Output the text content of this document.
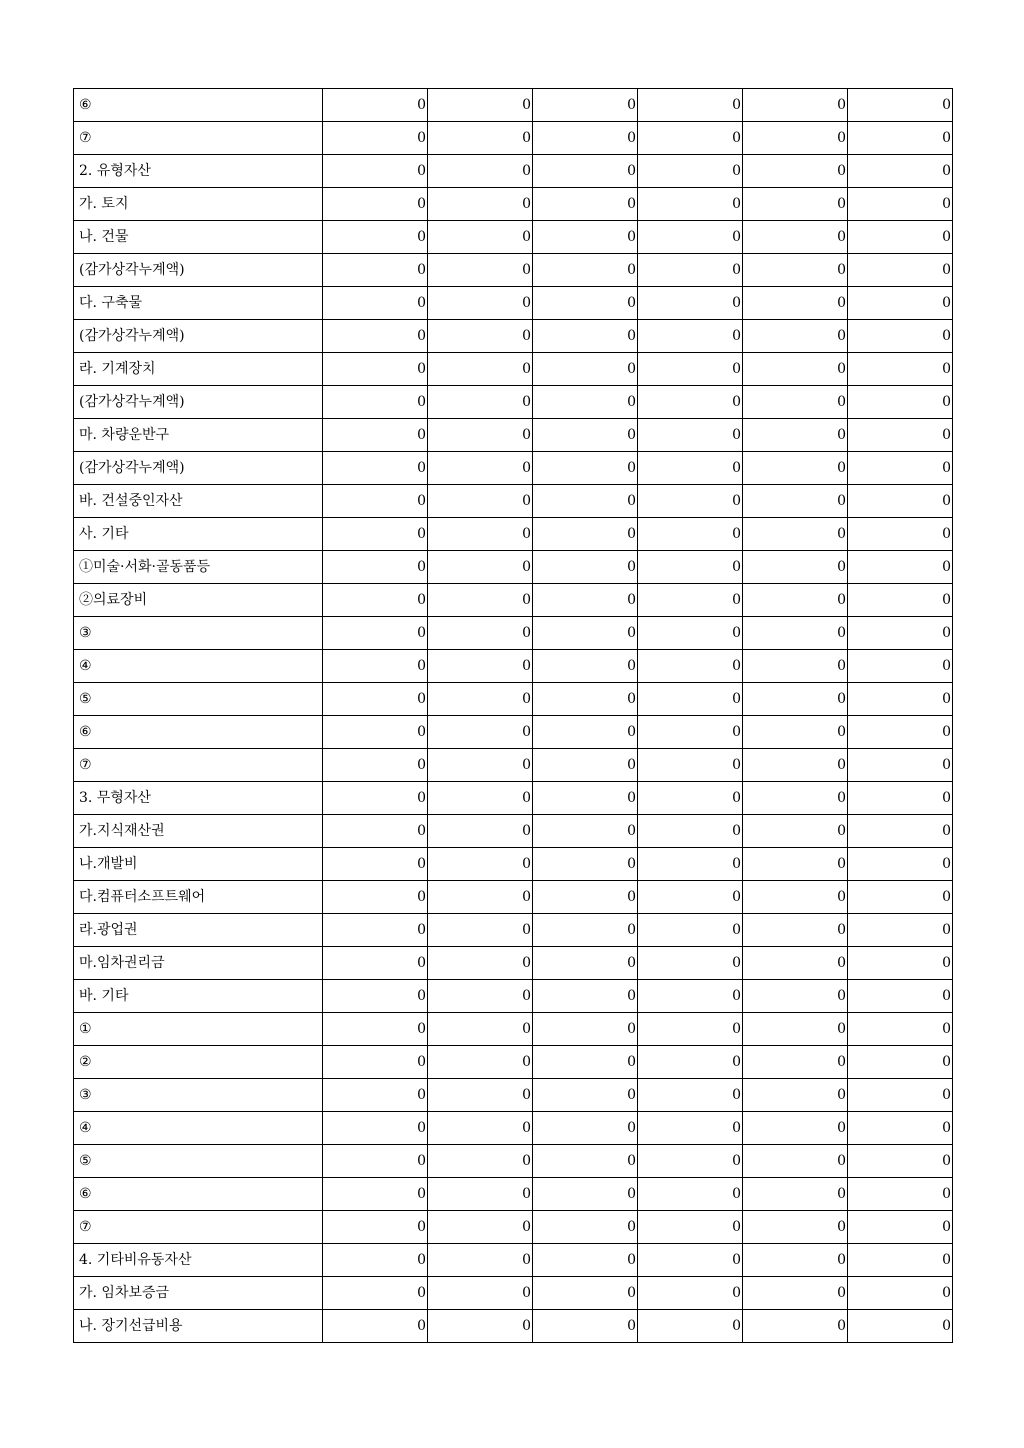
⑥	0	0	0	0	0	0
⑦	0	0	0	0	0	0
2. 유형자산	0	0	0	0	0	0
가. 토지	0	0	0	0	0	0
나. 건물	0	0	0	0	0	0
(감가상각누계액)	0	0	0	0	0	0
다. 구축물	0	0	0	0	0	0
(감가상각누계액)	0	0	0	0	0	0
라. 기계장치	0	0	0	0	0	0
(감가상각누계액)	0	0	0	0	0	0
마. 차량운반구	0	0	0	0	0	0
(감가상각누계액)	0	0	0	0	0	0
바. 건설중인자산	0	0	0	0	0	0
사. 기타	0	0	0	0	0	0
①미술·서화·골동품등	0	0	0	0	0	0
②의료장비	0	0	0	0	0	0
③	0	0	0	0	0	0
④	0	0	0	0	0	0
⑤	0	0	0	0	0	0
⑥	0	0	0	0	0	0
⑦	0	0	0	0	0	0
3. 무형자산	0	0	0	0	0	0
가.지식재산권	0	0	0	0	0	0
나.개발비	0	0	0	0	0	0
다.컴퓨터소프트웨어	0	0	0	0	0	0
라.광업권	0	0	0	0	0	0
마.임차권리금	0	0	0	0	0	0
바. 기타	0	0	0	0	0	0
①	0	0	0	0	0	0
②	0	0	0	0	0	0
③	0	0	0	0	0	0
④	0	0	0	0	0	0
⑤	0	0	0	0	0	0
⑥	0	0	0	0	0	0
⑦	0	0	0	0	0	0
4. 기타비유동자산	0	0	0	0	0	0
가. 임차보증금	0	0	0	0	0	0
나. 장기선급비용	0	0	0	0	0	0
